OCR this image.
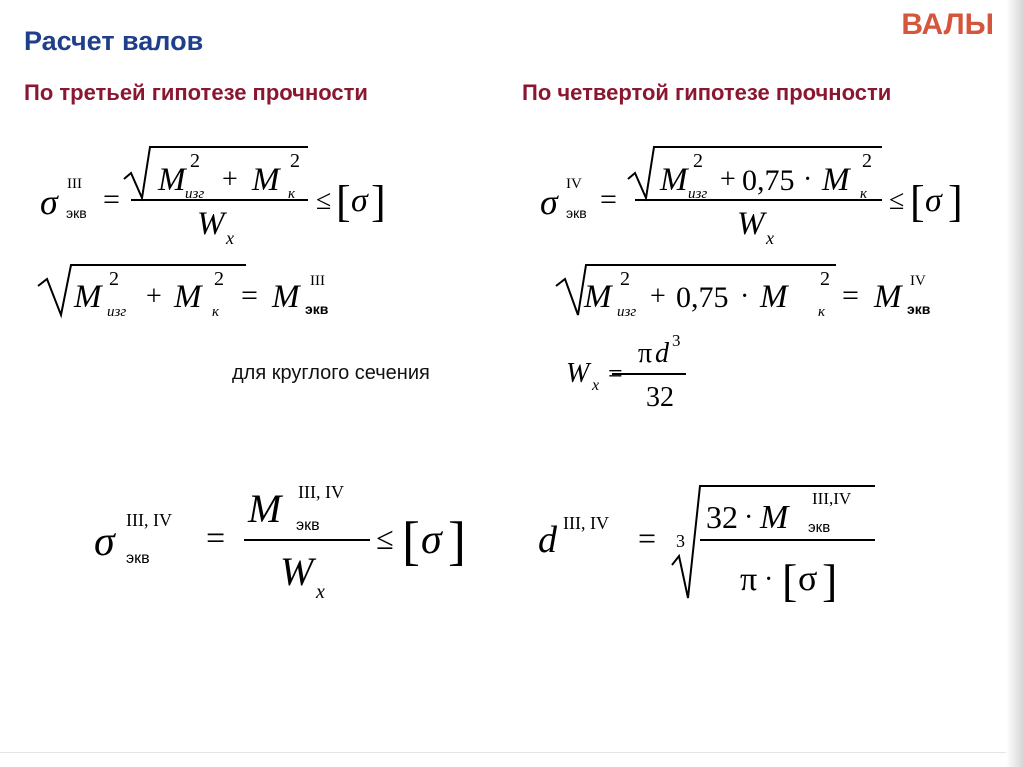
Расчет валов	ВАЛЫ
По третьей гипотезе прочности	По четвертой гипотезе прочности
для круглого сечения
σ III
экв =
M
2
изг + M
2
к
W x
≤ [ σ ]
M 2
изг + M 2
к = M III
экв
σ IV
экв =
M
2
изг + 0,75 · M
2
к
W x
≤ [ σ ]
M 2
изг + 0,75 · M 2
к = M IV
экв
W x =
π d 3
32
σ III, IV
экв
=
M III, IV
экв
W x
≤ [ σ ] d III, IV = 3
32 · M
III,IV
экв
π · [ σ ]
